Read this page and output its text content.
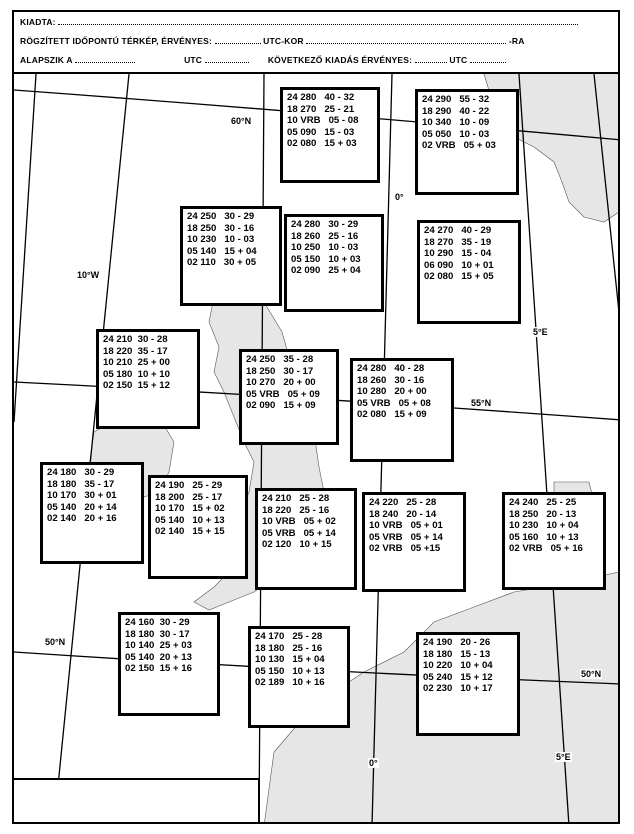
KIADTA:
RÖGZÍTETT IDŐPONTÚ TÉRKÉP, ÉRVÉNYES:	UTC-KOR	-RA
ALAPSZIK A	UTC	KÖVETKEZŐ KIADÁS ÉRVÉNYES:	UTC
60°N
55°N
50°N
50°N
10°W
5°E
5°E
0°
0°
24 280   40 - 32
18 270   25 - 21
10 VRB   05 - 08
05 090   15 - 03
02 080   15 + 03
24 290   55 - 32
18 290   40 - 22
10 340   10 - 09
05 050   10 - 03
02 VRB   05 + 03
24 250   30 - 29
18 250   30 - 16
10 230   10 - 03
05 140   15 + 04
02 110   30 + 05
24 280   30 - 29
18 260   25 - 16
10 250   10 - 03
05 150   10 + 03
02 090   25 + 04
24 270   40 - 29
18 270   35 - 19
10 290   15 - 04
06 090   10 + 01
02 080   15 + 05
24 210  30 - 28
18 220  35 - 17
10 210  25 + 00
05 180  10 + 10
02 150  15 + 12
24 250   35 - 28
18 250   30 - 17
10 270   20 + 00
05 VRB   05 + 09
02 090   15 + 09
24 280   40 - 28
18 260   30 - 16
10 280   20 + 00
05 VRB   05 + 08
02 080   15 + 09
24 180   30 - 29
18 180   35 - 17
10 170   30 + 01
05 140   20 + 14
02 140   20 + 16
24 190   25 - 29
18 200   25 - 17
10 170   15 + 02
05 140   10 + 13
02 140   15 + 15
24 210   25 - 28
18 220   25 - 16
10 VRB   05 + 02
05 VRB   05 + 14
02 120   10 + 15
24 220   25 - 28
18 240   20 - 14
10 VRB   05 + 01
05 VRB   05 + 14
02 VRB   05 +15
24 240   25 - 25
18 250   20 - 13
10 230   10 + 04
05 160   10 + 13
02 VRB   05 + 16
24 160  30 - 29
18 180  30 - 17
10 140  25 + 03
05 140  20 + 13
02 150  15 + 16
24 170   25 - 28
18 180   25 - 16
10 130   15 + 04
05 150   10 + 13
02 189   10 + 16
24 190   20 - 26
18 180   15 - 13
10 220   10 + 04
05 240   15 + 12
02 230   10 + 17
